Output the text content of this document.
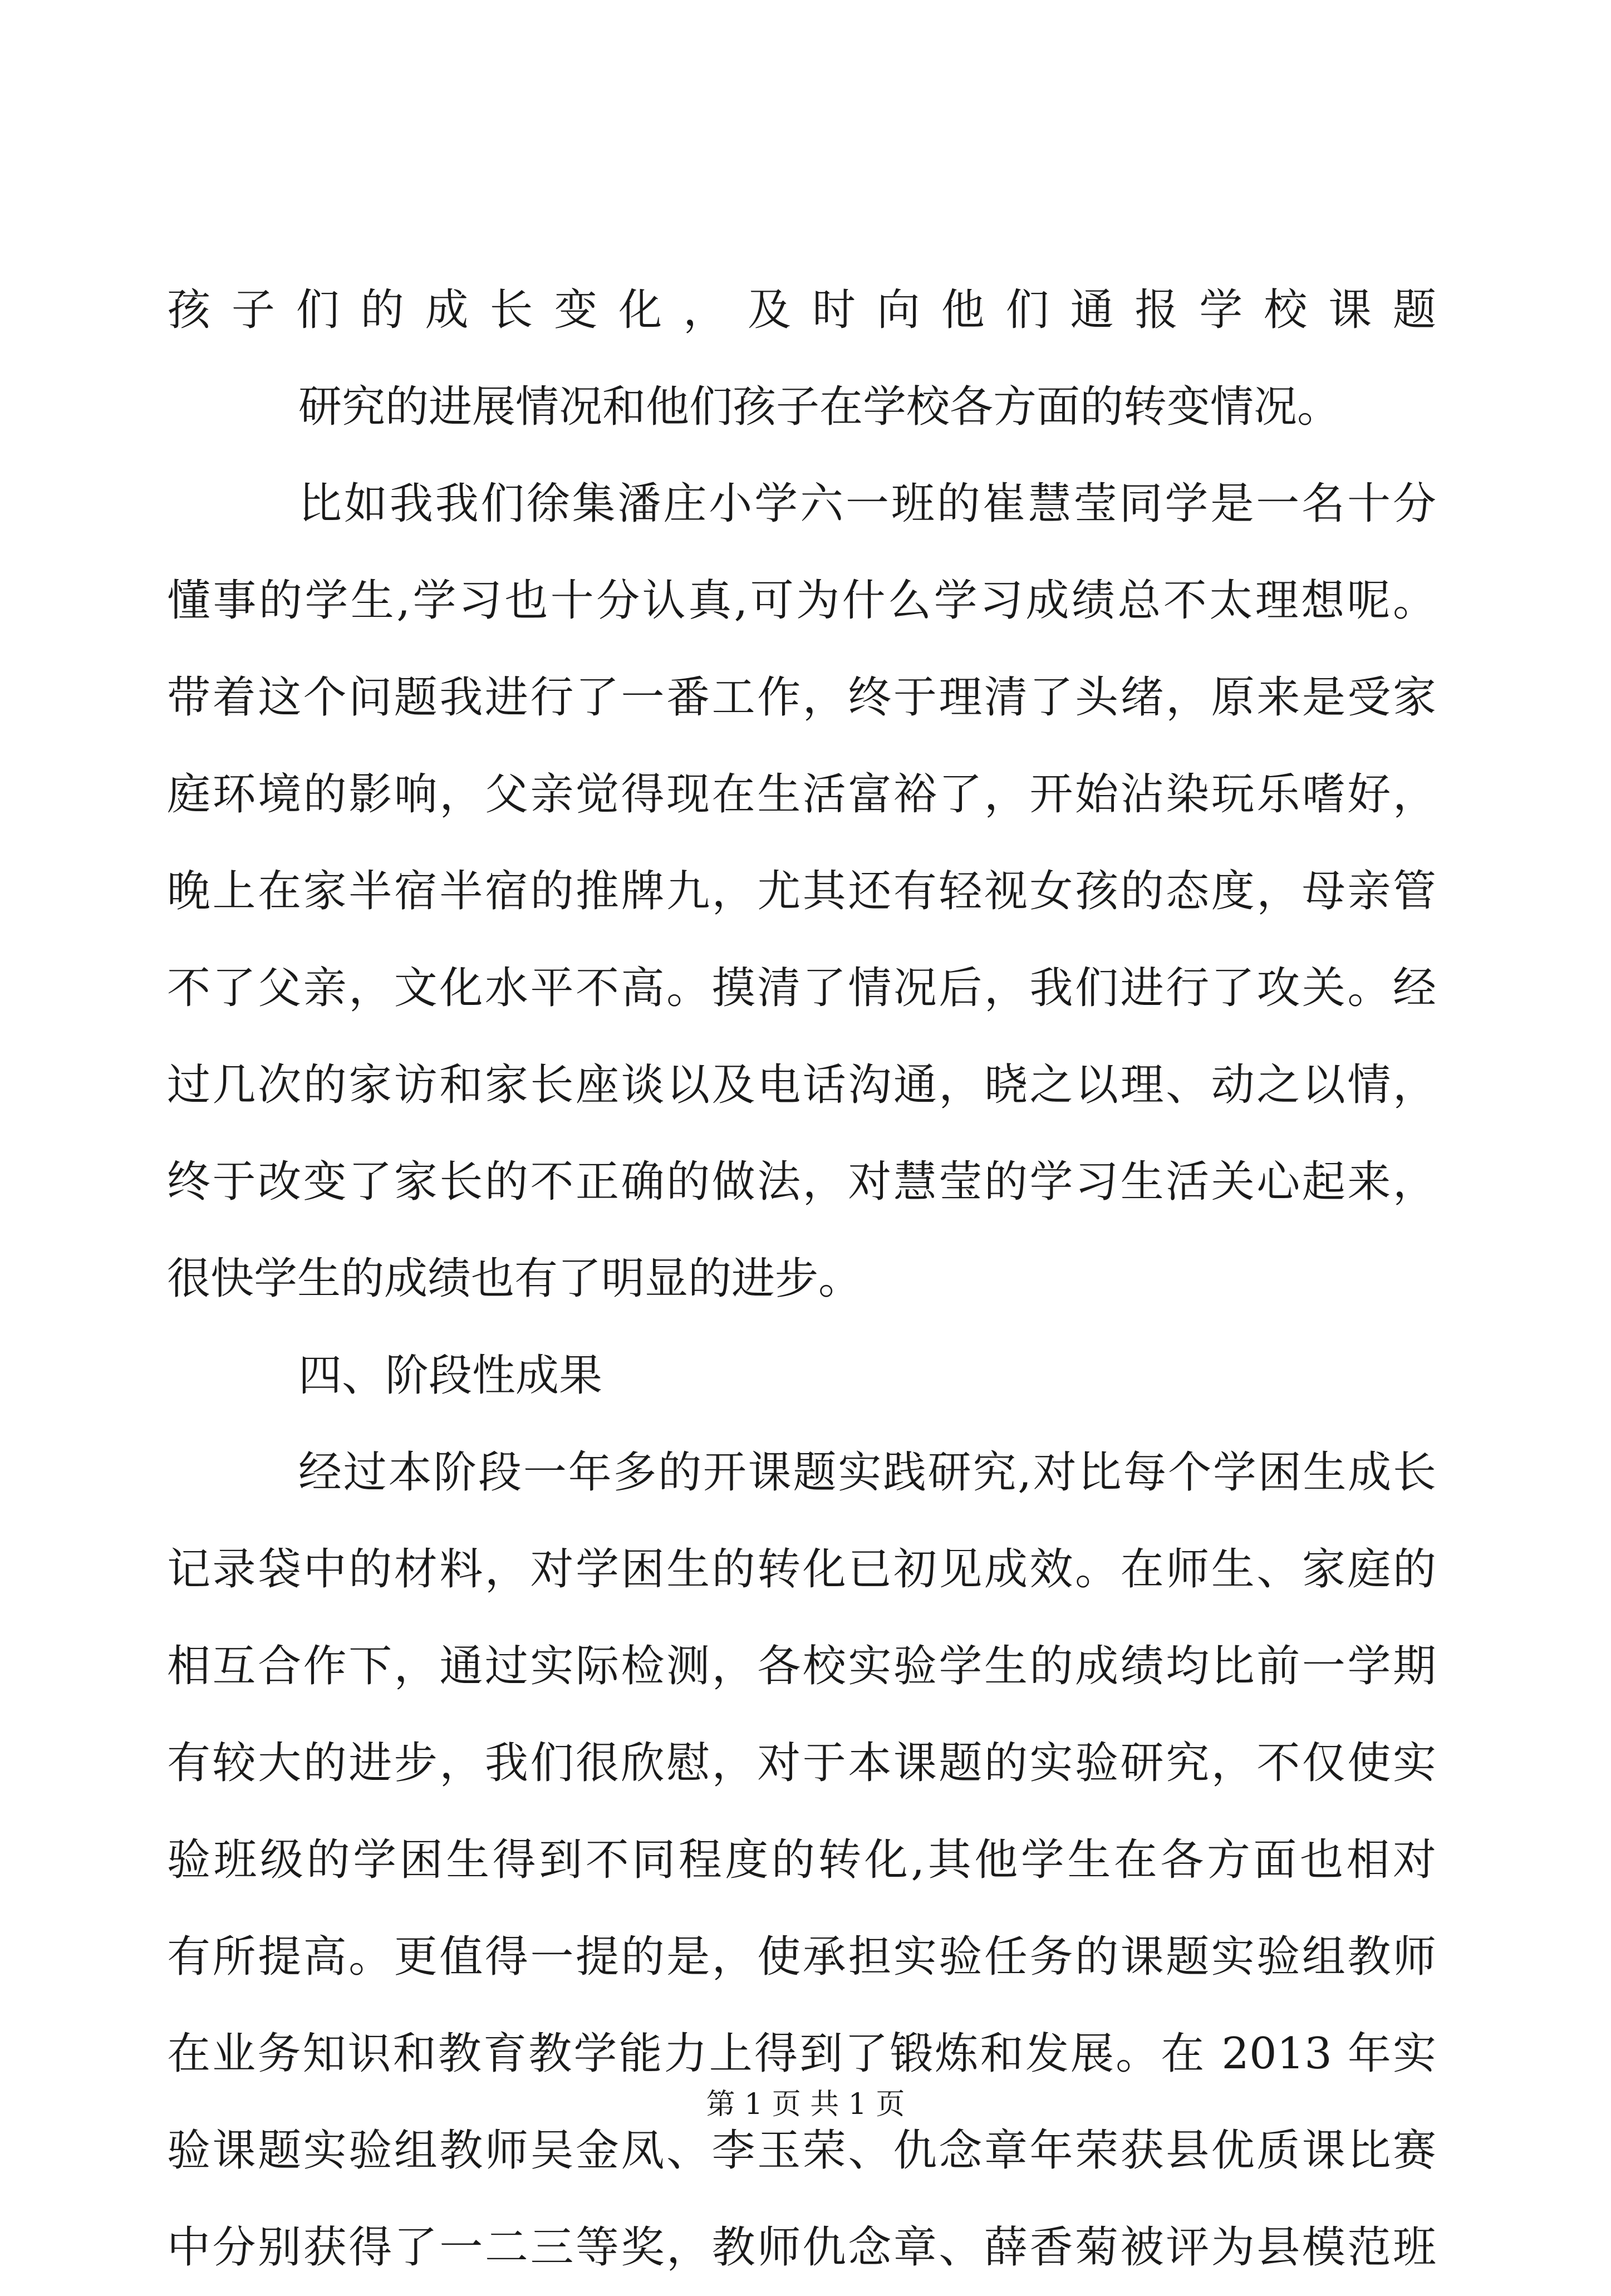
孩子们的成长变化，及时向他们通报学校课题
研究的进展情况和他们孩子在学校各方面的转变情况。
比如我我们徐集潘庄小学六一班的崔慧莹同学是一名十分
懂事的学生,学习也十分认真,可为什么学习成绩总不太理想呢。
带着这个问题我进行了一番工作，终于理清了头绪，原来是受家
庭环境的影响，父亲觉得现在生活富裕了，开始沾染玩乐嗜好，
晚上在家半宿半宿的推牌九，尤其还有轻视女孩的态度，母亲管
不了父亲，文化水平不高。摸清了情况后，我们进行了攻关。经
过几次的家访和家长座谈以及电话沟通，晓之以理、动之以情，
终于改变了家长的不正确的做法，对慧莹的学习生活关心起来，
很快学生的成绩也有了明显的进步。
四、阶段性成果
经过本阶段一年多的开课题实践研究,对比每个学困生成长
记录袋中的材料，对学困生的转化已初见成效。在师生、家庭的
相互合作下，通过实际检测，各校实验学生的成绩均比前一学期
有较大的进步，我们很欣慰，对于本课题的实验研究，不仅使实
验班级的学困生得到不同程度的转化,其他学生在各方面也相对
有所提高。更值得一提的是，使承担实验任务的课题实验组教师
在业务知识和教育教学能力上得到了锻炼和发展。在 2013 年实
验课题实验组教师吴金凤、李玉荣、仇念章年荣获县优质课比赛
中分别获得了一二三等奖，教师仇念章、薛香菊被评为县模范班
第 1 页 共 1 页
